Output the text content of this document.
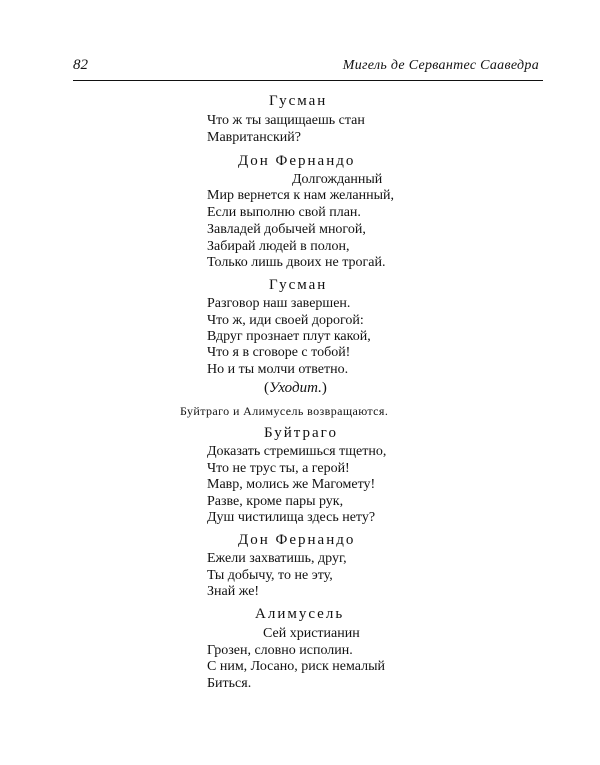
82	Мигель де Сервантес Сааведра
Гусман
Что ж ты защищаешь стан
Мавританский?
Дон Фернандо
Долгожданный
Мир вернется к нам желанный,
Если выполню свой план.
Завладей добычей многой,
Забирай людей в полон,
Только лишь двоих не трогай.
Гусман
Разговор наш завершен.
Что ж, иди своей дорогой:
Вдруг прознает плут какой,
Что я в сговоре с тобой!
Но и ты молчи ответно.
(Уходит.)
Буйтраго и Алимусель возвращаются.
Буйтраго
Доказать стремишься тщетно,
Что не трус ты, а герой!
Мавр, молись же Магомету!
Разве, кроме пары рук,
Душ чистилища здесь нету?
Дон Фернандо
Ежели захватишь, друг,
Ты добычу, то не эту,
Знай же!
Алимусель
Сей христианин
Грозен, словно исполин.
С ним, Лосано, риск немалый
Биться.
